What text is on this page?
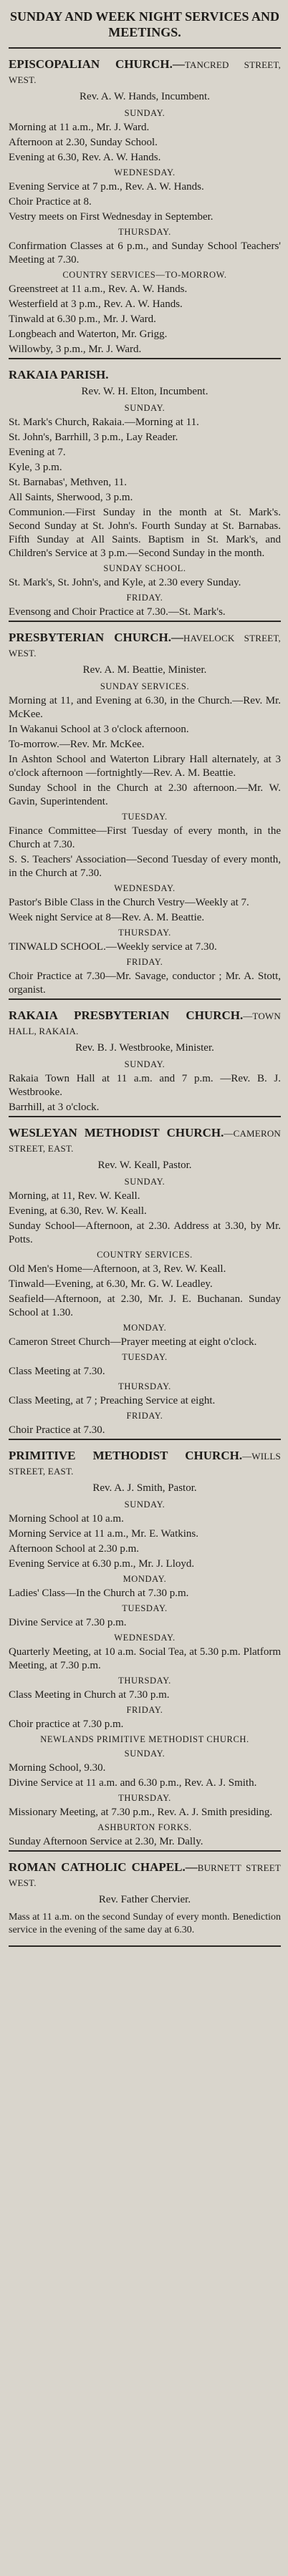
SUNDAY AND WEEK NIGHT SERVICES AND MEETINGS.
EPISCOPALIAN CHURCH.—TANCRED STREET, WEST.
Rev. A. W. Hands, Incumbent.
SUNDAY.
Morning at 11 a.m., Mr. J. Ward.
Afternoon at 2.30, Sunday School.
Evening at 6.30, Rev. A. W. Hands.
WEDNESDAY.
Evening Service at 7 p.m., Rev. A. W. Hands.
Choir Practice at 8.
Vestry meets on First Wednesday in September.
THURSDAY.
Confirmation Classes at 6 p.m., and Sunday School Teachers' Meeting at 7.30.
COUNTRY SERVICES—TO-MORROW.
Greenstreet at 11 a.m., Rev. A. W. Hands.
Westerfield at 3 p.m., Rev. A. W. Hands.
Tinwald at 6.30 p.m., Mr. J. Ward.
Longbeach and Waterton, Mr. Grigg.
Willowby, 3 p.m., Mr. J. Ward.
RAKAIA PARISH.
Rev. W. H. Elton, Incumbent.
SUNDAY.
St. Mark's Church, Rakaia.—Morning at 11.
St. John's, Barrhill, 3 p.m., Lay Reader.
Evening at 7.
Kyle, 3 p.m.
St. Barnabas', Methven, 11.
All Saints, Sherwood, 3 p.m.
Communion.—First Sunday in the month at St. Mark's. Second Sunday at St. John's. Fourth Sunday at St. Barnabas. Fifth Sunday at All Saints. Baptism in St. Mark's, and Children's Service at 3 p.m.—Second Sunday in the month.
SUNDAY SCHOOL.
St. Mark's, St. John's, and Kyle, at 2.30 every Sunday.
FRIDAY.
Evensong and Choir Practice at 7.30.—St. Mark's.
PRESBYTERIAN CHURCH.—HAVELOCK STREET, WEST.
Rev. A. M. Beattie, Minister.
SUNDAY SERVICES.
Morning at 11, and Evening at 6.30, in the Church.—Rev. Mr. McKee.
In Wakanui School at 3 o'clock afternoon.
To-morrow.—Rev. Mr. McKee.
In Ashton School and Waterton Library Hall alternately, at 3 o'clock afternoon —fortnightly—Rev. A. M. Beattie.
Sunday School in the Church at 2.30 afternoon.—Mr. W. Gavin, Superintendent.
TUESDAY.
Finance Committee—First Tuesday of every month, in the Church at 7.30.
S. S. Teachers' Association—Second Tuesday of every month, in the Church at 7.30.
WEDNESDAY.
Pastor's Bible Class in the Church Vestry—Weekly at 7.
Week night Service at 8—Rev. A. M. Beattie.
THURSDAY.
TINWALD SCHOOL.—Weekly service at 7.30.
FRIDAY.
Choir Practice at 7.30—Mr. Savage, conductor ; Mr. A. Stott, organist.
RAKAIA PRESBYTERIAN CHURCH.—TOWN HALL, RAKAIA.
Rev. B. J. Westbrooke, Minister.
SUNDAY.
Rakaia Town Hall at 11 a.m. and 7 p.m. —Rev. B. J. Westbrooke.
Barrhill, at 3 o'clock.
WESLEYAN METHODIST CHURCH.—CAMERON STREET, EAST.
Rev. W. Keall, Pastor.
SUNDAY.
Morning, at 11, Rev. W. Keall.
Evening, at 6.30, Rev. W. Keall.
Sunday School—Afternoon, at 2.30. Address at 3.30, by Mr. Potts.
COUNTRY SERVICES.
Old Men's Home—Afternoon, at 3, Rev. W. Keall.
Tinwald—Evening, at 6.30, Mr. G. W. Leadley.
Seafield—Afternoon, at 2.30, Mr. J. E. Buchanan. Sunday School at 1.30.
MONDAY.
Cameron Street Church—Prayer meeting at eight o'clock.
TUESDAY.
Class Meeting at 7.30.
THURSDAY.
Class Meeting, at 7 ; Preaching Service at eight.
FRIDAY.
Choir Practice at 7.30.
PRIMITIVE METHODIST CHURCH.—WILLS STREET, EAST.
Rev. A. J. Smith, Pastor.
SUNDAY.
Morning School at 10 a.m.
Morning Service at 11 a.m., Mr. E. Watkins.
Afternoon School at 2.30 p.m.
Evening Service at 6.30 p.m., Mr. J. Lloyd.
MONDAY.
Ladies' Class—In the Church at 7.30 p.m.
TUESDAY.
Divine Service at 7.30 p.m.
WEDNESDAY.
Quarterly Meeting, at 10 a.m. Social Tea, at 5.30 p.m. Platform Meeting, at 7.30 p.m.
THURSDAY.
Class Meeting in Church at 7.30 p.m.
FRIDAY.
Choir practice at 7.30 p.m.
NEWLANDS PRIMITIVE METHODIST CHURCH.
SUNDAY.
Morning School, 9.30.
Divine Service at 11 a.m. and 6.30 p.m., Rev. A. J. Smith.
THURSDAY.
Missionary Meeting, at 7.30 p.m., Rev. A. J. Smith presiding.
ASHBURTON FORKS.
Sunday Afternoon Service at 2.30, Mr. Dally.
ROMAN CATHOLIC CHAPEL.—BURNETT STREET WEST.
Rev. Father Chervier.
Mass at 11 a.m. on the second Sunday of every month. Benediction service in the evening of the same day at 6.30.
